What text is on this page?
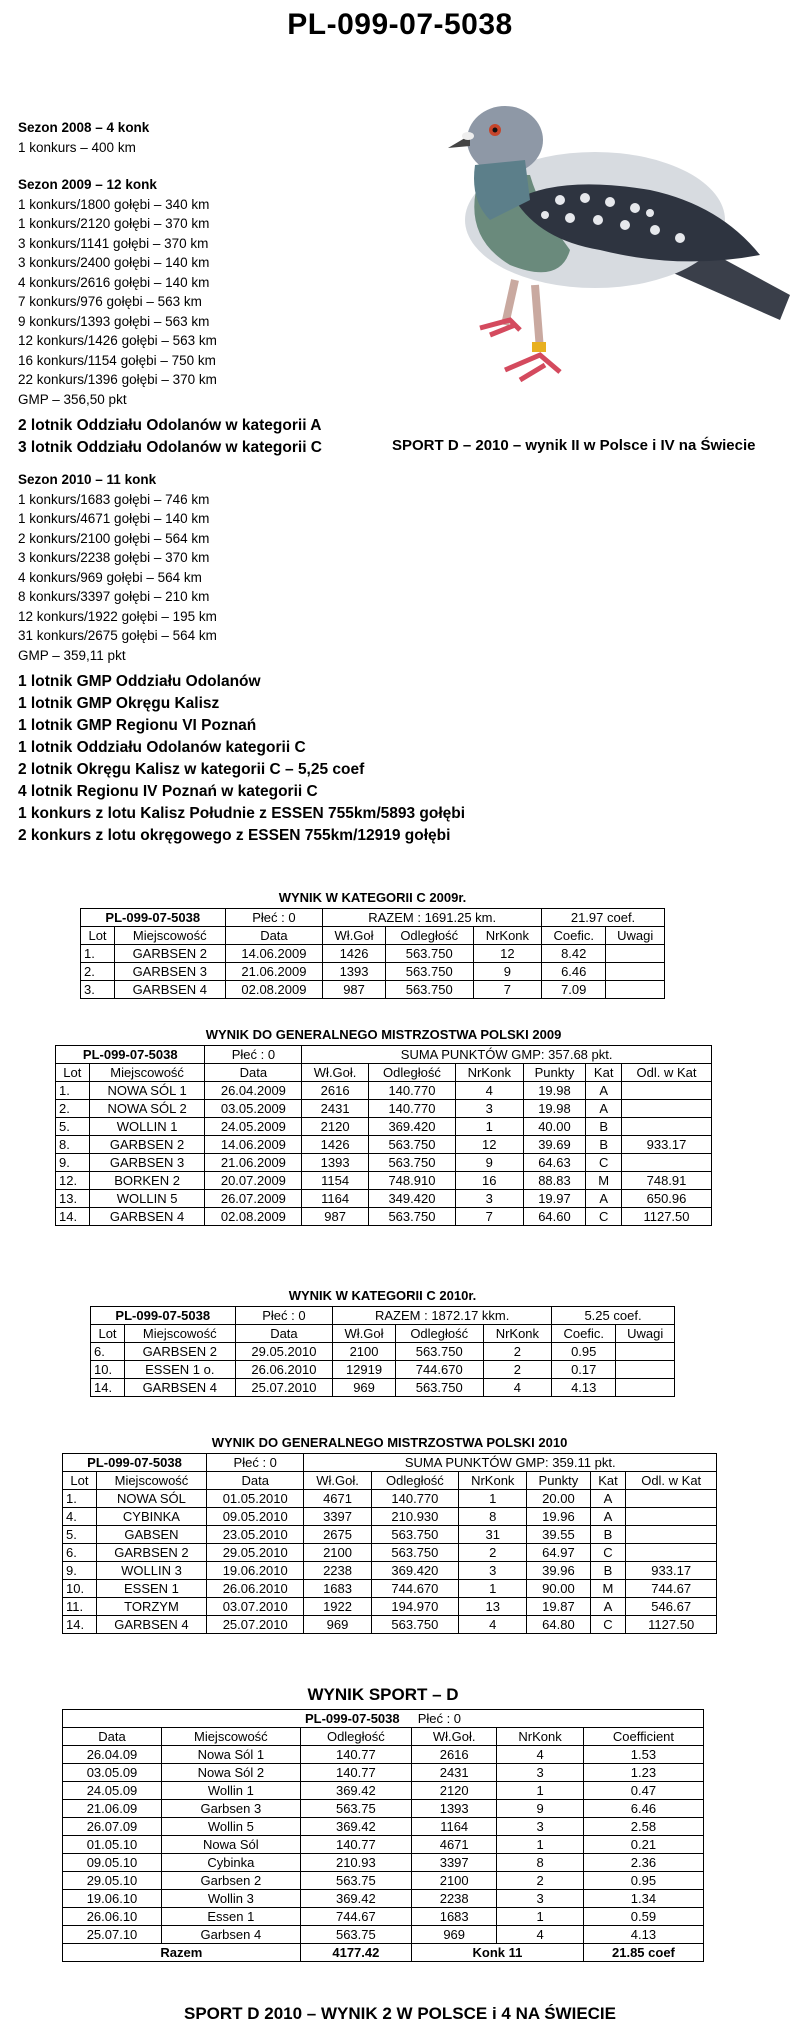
PL-099-07-5038
Sezon 2008 – 4 konk
1 konkurs – 400 km
Sezon 2009 – 12 konk
1 konkurs/1800 gołębi – 340 km
1 konkurs/2120 gołębi – 370 km
3 konkurs/1141 gołębi – 370 km
3 konkurs/2400 gołębi – 140 km
4 konkurs/2616 gołębi – 140 km
7 konkurs/976 gołębi – 563 km
9 konkurs/1393 gołębi – 563 km
12 konkurs/1426 gołębi – 563 km
16 konkurs/1154 gołębi – 750 km
22 konkurs/1396 gołębi – 370 km
GMP – 356,50 pkt
2 lotnik Oddziału Odolanów w kategorii A
3 lotnik Oddziału Odolanów w kategorii C
Sezon 2010 – 11 konk
1 konkurs/1683 gołębi – 746 km
1 konkurs/4671 gołębi – 140 km
2 konkurs/2100 gołębi – 564 km
3 konkurs/2238 gołębi – 370 km
4 konkurs/969 gołębi – 564 km
8 konkurs/3397 gołębi – 210 km
12 konkurs/1922 gołębi – 195 km
31 konkurs/2675 gołębi – 564 km
GMP – 359,11 pkt
1 lotnik GMP Oddziału Odolanów
1 lotnik GMP Okręgu Kalisz
1 lotnik GMP Regionu VI Poznań
1 lotnik Oddziału Odolanów kategorii C
2 lotnik Okręgu Kalisz w kategorii C – 5,25 coef
4 lotnik Regionu IV Poznań w kategorii C
1 konkurs z lotu Kalisz Południe z ESSEN 755km/5893 gołębi
2 konkurs z lotu okręgowego z ESSEN 755km/12919 gołębi
SPORT D – 2010 – wynik II w Polsce i IV na Świecie
WYNIK W KATEGORII C 2009r.
PL-099-07-5038		Płeć : 0	RAZEM : 1691.25 km.			21.97 coef.	
Lot	Miejscowość	Data	Wł.Goł	Odległość	NrKonk	Coefic.	Uwagi
1.	GARBSEN 2	14.06.2009	1426	563.750	12	8.42	
2.	GARBSEN 3	21.06.2009	1393	563.750	9	6.46	
3.	GARBSEN 4	02.08.2009	987	563.750	7	7.09	
WYNIK DO GENERALNEGO MISTRZOSTWA POLSKI 2009
PL-099-07-5038		Płeć : 0	SUMA PUNKTÓW GMP: 357.68 pkt.					
Lot	Miejscowość	Data	Wł.Goł.	Odległość	NrKonk	Punkty	Kat	Odl. w Kat
1.	NOWA SÓL 1	26.04.2009	2616	140.770	4	19.98	A	
2.	NOWA SÓL 2	03.05.2009	2431	140.770	3	19.98	A	
5.	WOLLIN 1	24.05.2009	2120	369.420	1	40.00	B	
8.	GARBSEN 2	14.06.2009	1426	563.750	12	39.69	B	933.17
9.	GARBSEN 3	21.06.2009	1393	563.750	9	64.63	C	
12.	BORKEN 2	20.07.2009	1154	748.910	16	88.83	M	748.91
13.	WOLLIN 5	26.07.2009	1164	349.420	3	19.97	A	650.96
14.	GARBSEN 4	02.08.2009	987	563.750	7	64.60	C	1127.50
WYNIK W KATEGORII C 2010r.
PL-099-07-5038		Płeć : 0	RAZEM : 1872.17 kkm.			5.25 coef.	
Lot	Miejscowość	Data	Wł.Goł	Odległość	NrKonk	Coefic.	Uwagi
6.	GARBSEN 2	29.05.2010	2100	563.750	2	0.95	
10.	ESSEN 1 o.	26.06.2010	12919	744.670	2	0.17	
14.	GARBSEN 4	25.07.2010	969	563.750	4	4.13	
WYNIK DO GENERALNEGO MISTRZOSTWA POLSKI 2010
PL-099-07-5038		Płeć : 0	SUMA PUNKTÓW GMP: 359.11 pkt.					
Lot	Miejscowość	Data	Wł.Goł.	Odległość	NrKonk	Punkty	Kat	Odl. w Kat
1.	NOWA SÓL	01.05.2010	4671	140.770	1	20.00	A	
4.	CYBINKA	09.05.2010	3397	210.930	8	19.96	A	
5.	GABSEN	23.05.2010	2675	563.750	31	39.55	B	
6.	GARBSEN 2	29.05.2010	2100	563.750	2	64.97	C	
9.	WOLLIN 3	19.06.2010	2238	369.420	3	39.96	B	933.17
10.	ESSEN 1	26.06.2010	1683	744.670	1	90.00	M	744.67
11.	TORZYM	03.07.2010	1922	194.970	13	19.87	A	546.67
14.	GARBSEN 4	25.07.2010	969	563.750	4	64.80	C	1127.50
WYNIK SPORT – D
PL-099-07-5038 Płeć : 0					
Data	Miejscowość	Odległość	Wł.Goł.	NrKonk	Coefficient
26.04.09	Nowa Sól 1	140.77	2616	4	1.53
03.05.09	Nowa Sól 2	140.77	2431	3	1.23
24.05.09	Wollin 1	369.42	2120	1	0.47
21.06.09	Garbsen 3	563.75	1393	9	6.46
26.07.09	Wollin 5	369.42	1164	3	2.58
01.05.10	Nowa Sól	140.77	4671	1	0.21
09.05.10	Cybinka	210.93	3397	8	2.36
29.05.10	Garbsen 2	563.75	2100	2	0.95
19.06.10	Wollin 3	369.42	2238	3	1.34
26.06.10	Essen 1	744.67	1683	1	0.59
25.07.10	Garbsen 4	563.75	969	4	4.13
Razem		4177.42	Konk 11		21.85 coef
SPORT D 2010 – WYNIK 2 W POLSCE i 4 NA ŚWIECIE
